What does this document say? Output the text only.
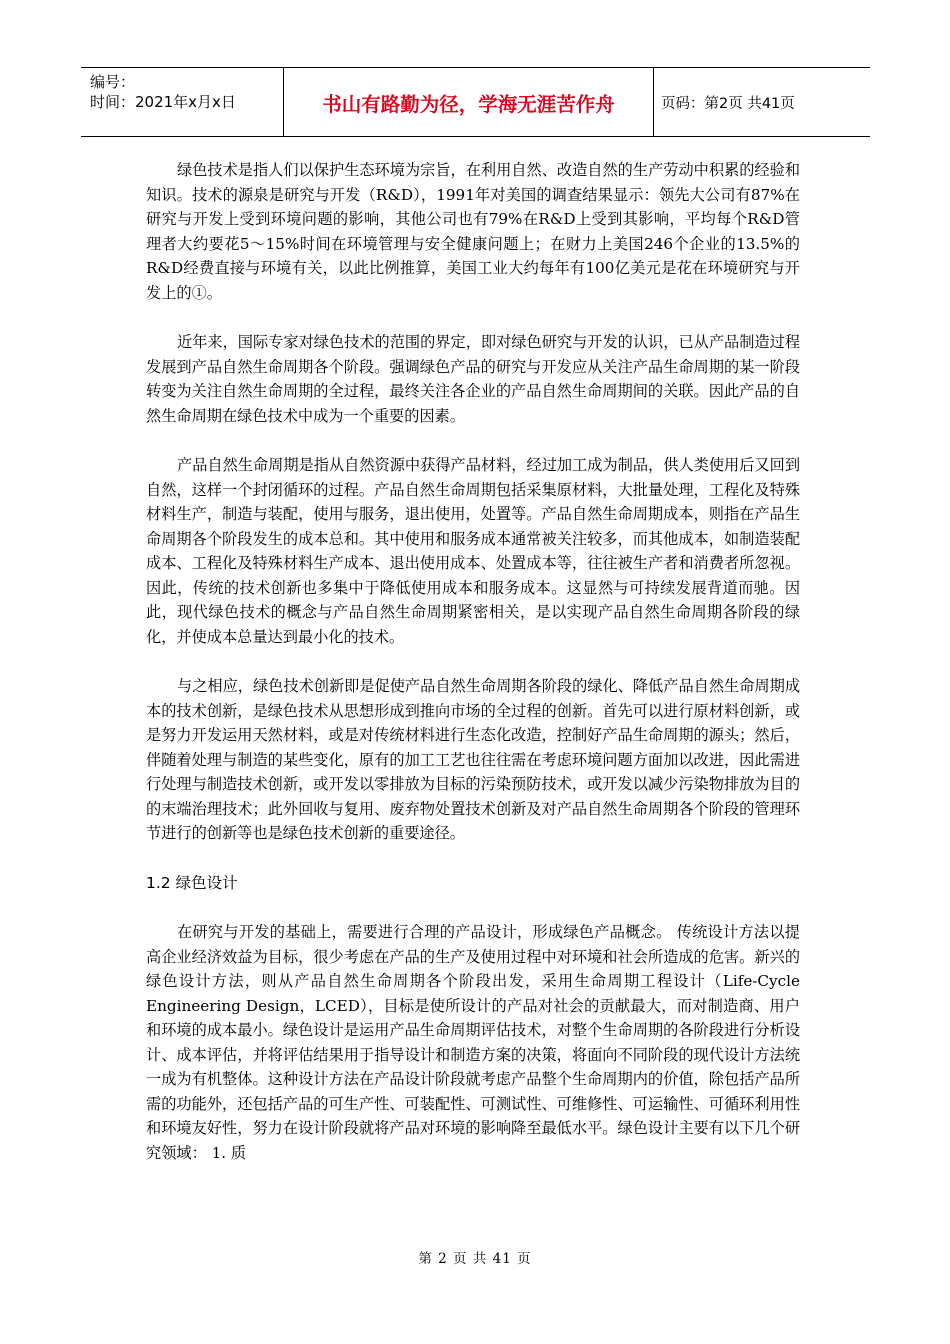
编号：
时间：2021年x月x日	书山有路勤为径，学海无涯苦作舟	页码：第2页 共41页

绿色技术是指人们以保护生态环境为宗旨，在利用自然、改造自然的生产劳动中积累的经验和知识。技术的源泉是研究与开发（R&D），1991年对美国的调查结果显示：领先大公司有87%在研究与开发上受到环境问题的影响，其他公司也有79%在R&D上受到其影响，平均每个R&D管理者大约要花5～15%时间在环境管理与安全健康问题上；在财力上美国246个企业的13.5%的R&D经费直接与环境有关，以此比例推算，美国工业大约每年有100亿美元是花在环境研究与开发上的①。

近年来，国际专家对绿色技术的范围的界定，即对绿色研究与开发的认识，已从产品制造过程发展到产品自然生命周期各个阶段。强调绿色产品的研究与开发应从关注产品生命周期的某一阶段转变为关注自然生命周期的全过程，最终关注各企业的产品自然生命周期间的关联。因此产品的自然生命周期在绿色技术中成为一个重要的因素。

产品自然生命周期是指从自然资源中获得产品材料，经过加工成为制品，供人类使用后又回到自然，这样一个封闭循环的过程。产品自然生命周期包括采集原材料，大批量处理，工程化及特殊材料生产，制造与装配，使用与服务，退出使用，处置等。产品自然生命周期成本，则指在产品生命周期各个阶段发生的成本总和。其中使用和服务成本通常被关注较多，而其他成本，如制造装配成本、工程化及特殊材料生产成本、退出使用成本、处置成本等，往往被生产者和消费者所忽视。因此，传统的技术创新也多集中于降低使用成本和服务成本。这显然与可持续发展背道而驰。因此，现代绿色技术的概念与产品自然生命周期紧密相关，是以实现产品自然生命周期各阶段的绿化，并使成本总量达到最小化的技术。

与之相应，绿色技术创新即是促使产品自然生命周期各阶段的绿化、降低产品自然生命周期成本的技术创新，是绿色技术从思想形成到推向市场的全过程的创新。首先可以进行原材料创新，或是努力开发运用天然材料，或是对传统材料进行生态化改造，控制好产品生命周期的源头；然后，伴随着处理与制造的某些变化，原有的加工工艺也往往需在考虑环境问题方面加以改进，因此需进行处理与制造技术创新，或开发以零排放为目标的污染预防技术，或开发以减少污染物排放为目的的末端治理技术；此外回收与复用、废弃物处置技术创新及对产品自然生命周期各个阶段的管理环节进行的创新等也是绿色技术创新的重要途径。

1.2 绿色设计

在研究与开发的基础上，需要进行合理的产品设计，形成绿色产品概念。 传统设计方法以提高企业经济效益为目标，很少考虑在产品的生产及使用过程中对环境和社会所造成的危害。新兴的绿色设计方法，则从产品自然生命周期各个阶段出发，采用生命周期工程设计（Life-Cycle Engineering Design，LCED），目标是使所设计的产品对社会的贡献最大，而对制造商、用户和环境的成本最小。绿色设计是运用产品生命周期评估技术，对整个生命周期的各阶段进行分析设计、成本评估，并将评估结果用于指导设计和制造方案的决策，将面向不同阶段的现代设计方法统一成为有机整体。这种设计方法在产品设计阶段就考虑产品整个生命周期内的价值，除包括产品所需的功能外，还包括产品的可生产性、可装配性、可测试性、可维修性、可运输性、可循环利用性和环境友好性，努力在设计阶段就将产品对环境的影响降至最低水平。绿色设计主要有以下几个研究领域： 1. 质

第 2 页 共 41 页
